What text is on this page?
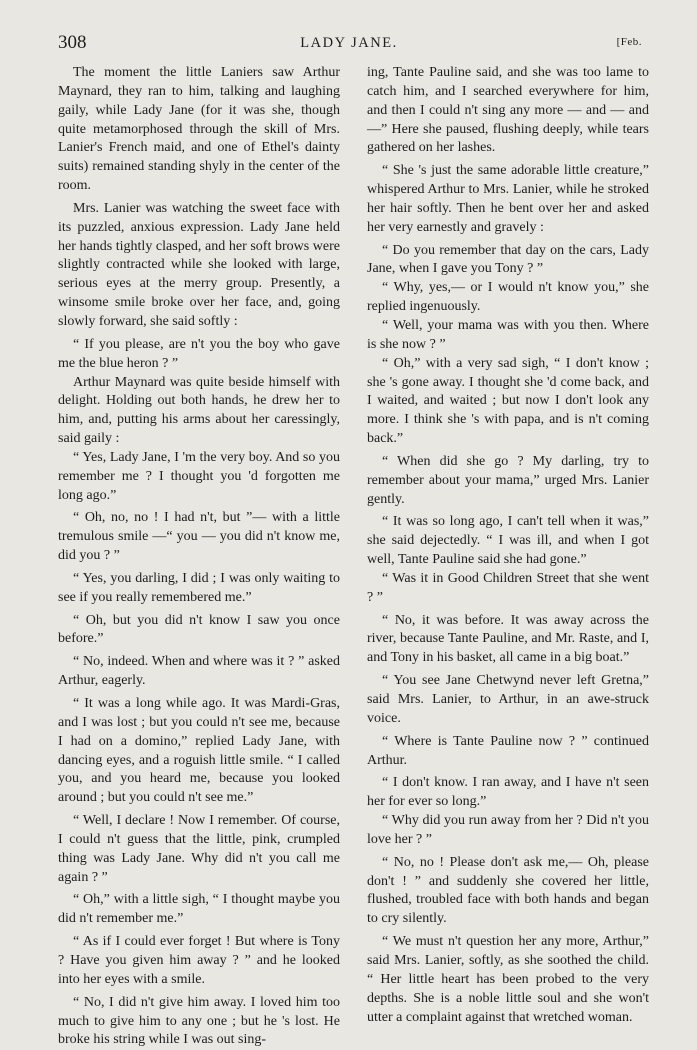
308	LADY JANE.	[Feb.

The moment the little Laniers saw Arthur Maynard, they ran to him, talking and laughing gaily, while Lady Jane (for it was she, though quite metamorphosed through the skill of Mrs. Lanier's French maid, and one of Ethel's dainty suits) remained standing shyly in the center of the room.

Mrs. Lanier was watching the sweet face with its puzzled, anxious expression. Lady Jane held her hands tightly clasped, and her soft brows were slightly contracted while she looked with large, serious eyes at the merry group. Presently, a winsome smile broke over her face, and, going slowly forward, she said softly :

“ If you please, are n't you the boy who gave me the blue heron ? ”

Arthur Maynard was quite beside himself with delight. Holding out both hands, he drew her to him, and, putting his arms about her caressingly, said gaily :

“ Yes, Lady Jane, I 'm the very boy. And so you remember me ? I thought you 'd forgotten me long ago.”

“ Oh, no, no ! I had n't, but ”— with a little tremulous smile —“ you — you did n't know me, did you ? ”

“ Yes, you darling, I did ; I was only waiting to see if you really remembered me.”

“ Oh, but you did n't know I saw you once before.”

“ No, indeed. When and where was it ? ” asked Arthur, eagerly.

“ It was a long while ago. It was Mardi-Gras, and I was lost ; but you could n't see me, because I had on a domino,” replied Lady Jane, with dancing eyes, and a roguish little smile. “ I called you, and you heard me, because you looked around ; but you could n't see me.”

“ Well, I declare ! Now I remember. Of course, I could n't guess that the little, pink, crumpled thing was Lady Jane. Why did n't you call me again ? ”

“ Oh,” with a little sigh, “ I thought maybe you did n't remember me.”

“ As if I could ever forget ! But where is Tony ? Have you given him away ? ” and he looked into her eyes with a smile.

“ No, I did n't give him away. I loved him too much to give him to any one ; but he 's lost. He broke his string while I was out sing-

ing, Tante Pauline said, and she was too lame to catch him, and I searched everywhere for him, and then I could n't sing any more — and — and —” Here she paused, flushing deeply, while tears gathered on her lashes.

“ She 's just the same adorable little creature,” whispered Arthur to Mrs. Lanier, while he stroked her hair softly. Then he bent over her and asked her very earnestly and gravely :

“ Do you remember that day on the cars, Lady Jane, when I gave you Tony ? ”

“ Why, yes,— or I would n't know you,” she replied ingenuously.

“ Well, your mama was with you then. Where is she now ? ”

“ Oh,” with a very sad sigh, “ I don't know ; she 's gone away. I thought she 'd come back, and I waited, and waited ; but now I don't look any more. I think she 's with papa, and is n't coming back.”

“ When did she go ? My darling, try to remember about your mama,” urged Mrs. Lanier gently.

“ It was so long ago, I can't tell when it was,” she said dejectedly. “ I was ill, and when I got well, Tante Pauline said she had gone.”

“ Was it in Good Children Street that she went ? ”

“ No, it was before. It was away across the river, because Tante Pauline, and Mr. Raste, and I, and Tony in his basket, all came in a big boat.”

“ You see Jane Chetwynd never left Gretna,” said Mrs. Lanier, to Arthur, in an awe-struck voice.

“ Where is Tante Pauline now ? ” continued Arthur.

“ I don't know. I ran away, and I have n't seen her for ever so long.”

“ Why did you run away from her ? Did n't you love her ? ”

“ No, no ! Please don't ask me,— Oh, please don't ! ” and suddenly she covered her little, flushed, troubled face with both hands and began to cry silently.

“ We must n't question her any more, Arthur,” said Mrs. Lanier, softly, as she soothed the child. “ Her little heart has been probed to the very depths. She is a noble little soul and she won't utter a complaint against that wretched woman.
